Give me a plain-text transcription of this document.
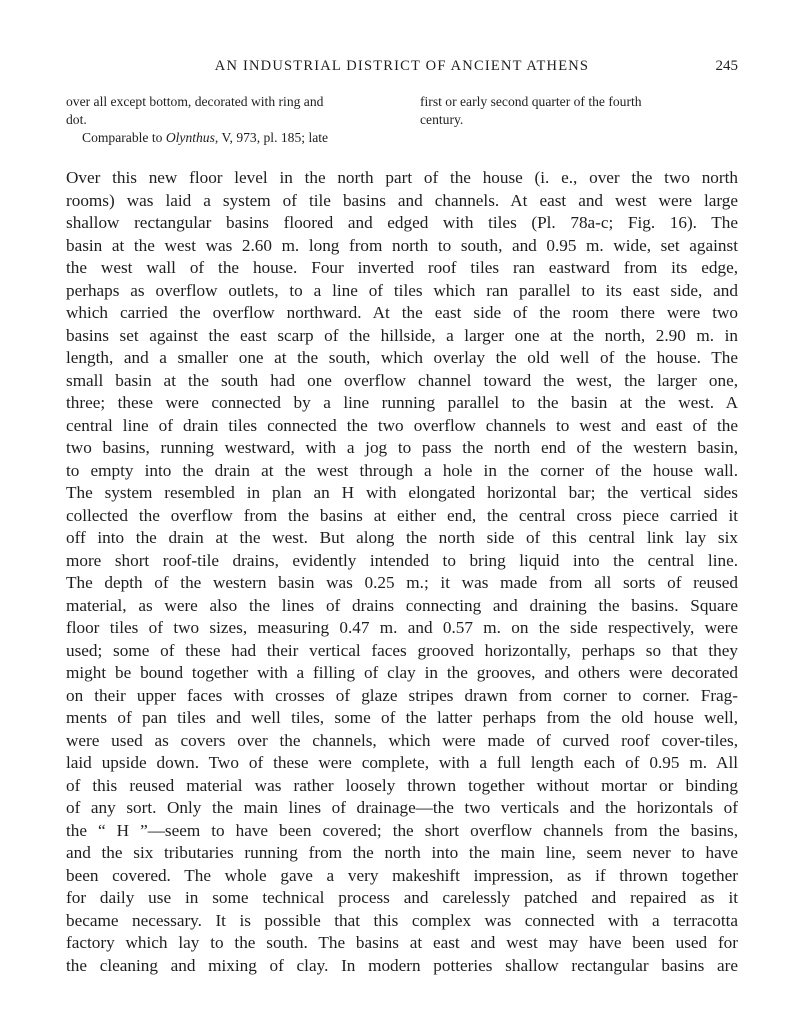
AN INDUSTRIAL DISTRICT OF ANCIENT ATHENS	245
over all except bottom, decorated with ring and
dot.
Comparable to Olynthus, V, 973, pl. 185; late
first or early second quarter of the fourth
century.
Over this new floor level in the north part of the house (i. e., over the two north
rooms) was laid a system of tile basins and channels. At east and west were large
shallow rectangular basins floored and edged with tiles (Pl. 78a-c; Fig. 16). The
basin at the west was 2.60 m. long from north to south, and 0.95 m. wide, set against
the west wall of the house. Four inverted roof tiles ran eastward from its edge,
perhaps as overflow outlets, to a line of tiles which ran parallel to its east side, and
which carried the overflow northward. At the east side of the room there were two
basins set against the east scarp of the hillside, a larger one at the north, 2.90 m. in
length, and a smaller one at the south, which overlay the old well of the house. The
small basin at the south had one overflow channel toward the west, the larger one,
three; these were connected by a line running parallel to the basin at the west. A
central line of drain tiles connected the two overflow channels to west and east of the
two basins, running westward, with a jog to pass the north end of the western basin,
to empty into the drain at the west through a hole in the corner of the house wall.
The system resembled in plan an H with elongated horizontal bar; the vertical sides
collected the overflow from the basins at either end, the central cross piece carried it
off into the drain at the west. But along the north side of this central link lay six
more short roof-tile drains, evidently intended to bring liquid into the central line.
The depth of the western basin was 0.25 m.; it was made from all sorts of reused
material, as were also the lines of drains connecting and draining the basins. Square
floor tiles of two sizes, measuring 0.47 m. and 0.57 m. on the side respectively, were
used; some of these had their vertical faces grooved horizontally, perhaps so that they
might be bound together with a filling of clay in the grooves, and others were decorated
on their upper faces with crosses of glaze stripes drawn from corner to corner. Frag-
ments of pan tiles and well tiles, some of the latter perhaps from the old house well,
were used as covers over the channels, which were made of curved roof cover-tiles,
laid upside down. Two of these were complete, with a full length each of 0.95 m. All
of this reused material was rather loosely thrown together without mortar or binding
of any sort. Only the main lines of drainage—the two verticals and the horizontals of
the “ H ”—seem to have been covered; the short overflow channels from the basins,
and the six tributaries running from the north into the main line, seem never to have
been covered. The whole gave a very makeshift impression, as if thrown together
for daily use in some technical process and carelessly patched and repaired as it
became necessary. It is possible that this complex was connected with a terracotta
factory which lay to the south. The basins at east and west may have been used for
the cleaning and mixing of clay. In modern potteries shallow rectangular basins are
